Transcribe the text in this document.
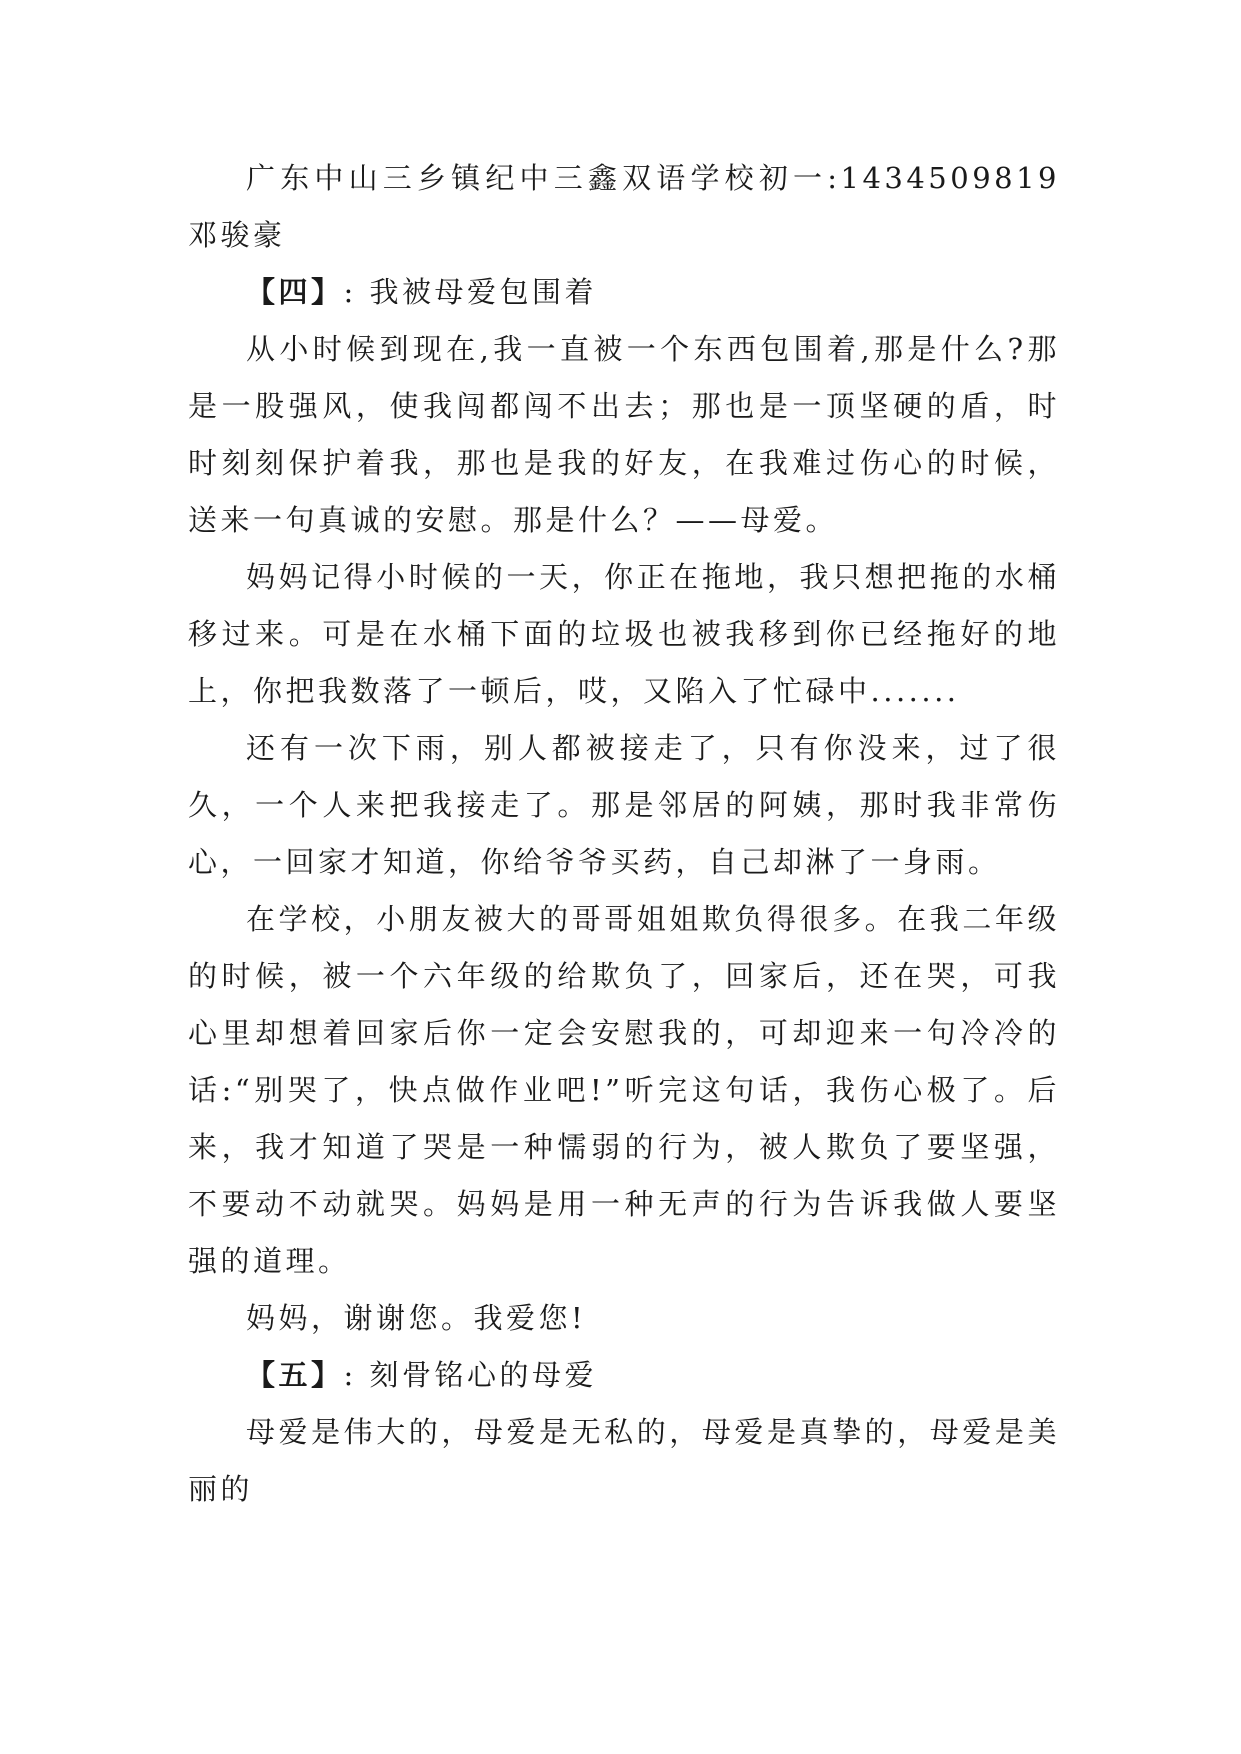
广东中山三乡镇纪中三鑫双语学校初一:1434509819 邓骏豪

【四】: 我被母爱包围着

从小时候到现在,我一直被一个东西包围着,那是什么?那是一股强风，使我闯都闯不出去；那也是一顶坚硬的盾，时时刻刻保护着我，那也是我的好友，在我难过伤心的时候，送来一句真诚的安慰。那是什么？——母爱。

妈妈记得小时候的一天，你正在拖地，我只想把拖的水桶移过来。可是在水桶下面的垃圾也被我移到你已经拖好的地上，你把我数落了一顿后，哎，又陷入了忙碌中.......

还有一次下雨，别人都被接走了，只有你没来，过了很久，一个人来把我接走了。那是邻居的阿姨，那时我非常伤心，一回家才知道，你给爷爷买药，自己却淋了一身雨。

在学校，小朋友被大的哥哥姐姐欺负得很多。在我二年级的时候，被一个六年级的给欺负了，回家后，还在哭，可我心里却想着回家后你一定会安慰我的，可却迎来一句冷冷的话:“别哭了，快点做作业吧!”听完这句话，我伤心极了。后来，我才知道了哭是一种懦弱的行为，被人欺负了要坚强，不要动不动就哭。妈妈是用一种无声的行为告诉我做人要坚强的道理。

妈妈，谢谢您。我爱您!

【五】: 刻骨铭心的母爱

母爱是伟大的，母爱是无私的，母爱是真挚的，母爱是美丽的
